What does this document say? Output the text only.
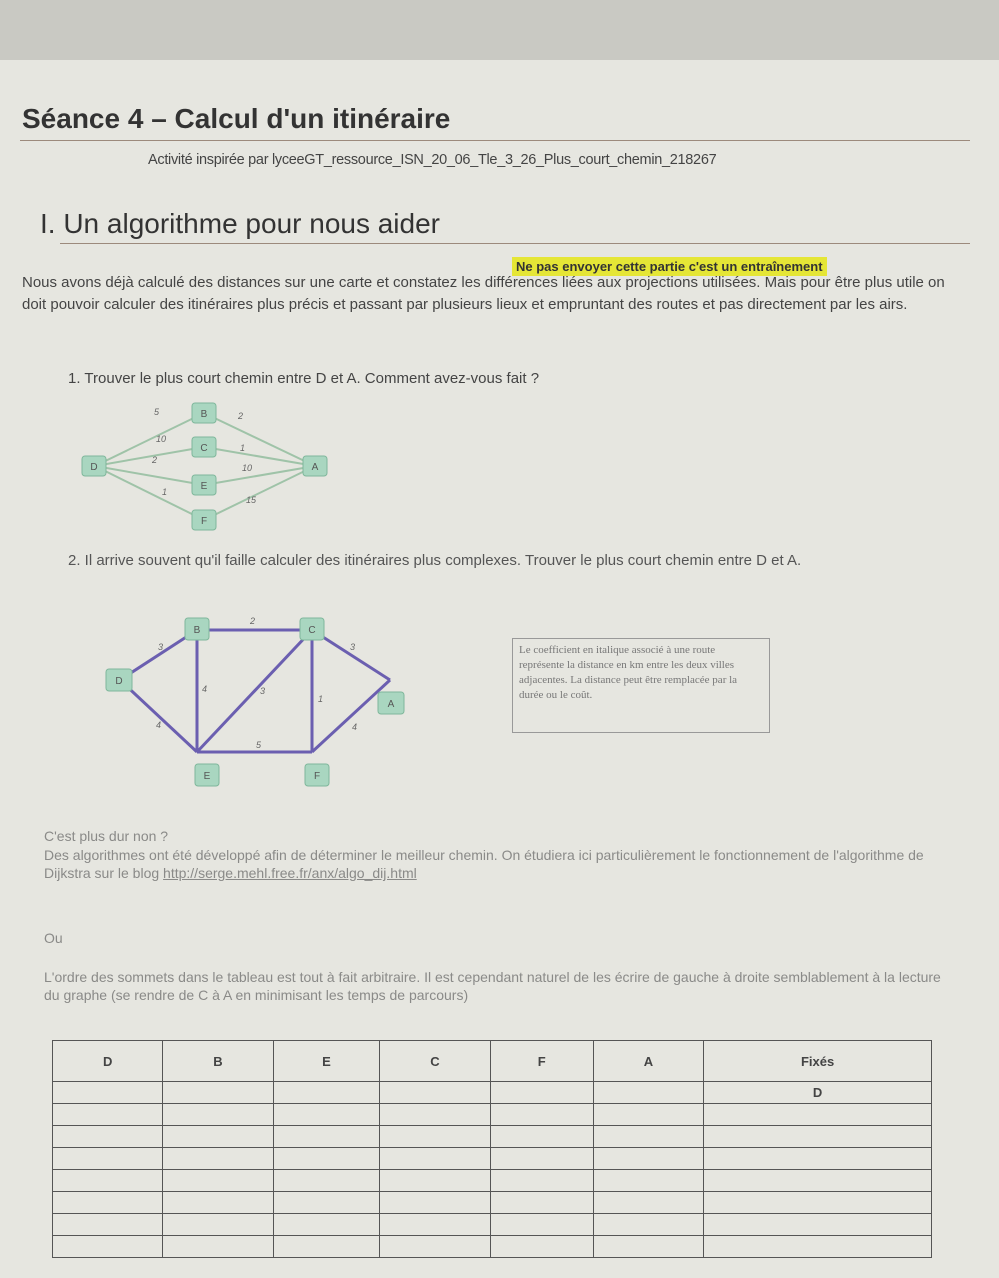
Séance 4 – Calcul d'un itinéraire
Activité inspirée par lyceeGT_ressource_ISN_20_06_Tle_3_26_Plus_court_chemin_218267
I. Un algorithme pour nous aider
Ne pas envoyer cette partie c'est un entraînement
Nous avons déjà calculé des distances sur une carte et constatez les différences liées aux projections utilisées. Mais pour être plus utile on doit pouvoir calculer des itinéraires plus précis et passant par plusieurs lieux et empruntant des routes et pas directement par les airs.
1. Trouver le plus court chemin entre D et A. Comment avez-vous fait ?
B
C
D
E
A
F
5	2
10
1
2
10
1
15
2. Il arrive souvent qu'il faille calculer des itinéraires plus complexes. Trouver le plus court chemin entre D et A.
B	C
D
A
E	F
2
3	3
4	3
1
4
5
4
Le coefficient en italique associé à une route représente la distance en km entre les deux villes adjacentes. La distance peut être remplacée par la durée ou le coût.
C'est plus dur non ?
Des algorithmes ont été développé afin de déterminer le meilleur chemin. On étudiera ici particulièrement le fonctionnement de l'algorithme de Dijkstra sur le blog http://serge.mehl.free.fr/anx/algo_dij.html
Ou
L'ordre des sommets dans le tableau est tout à fait arbitraire. Il est cependant naturel de les écrire de gauche à droite semblablement à la lecture du graphe (se rendre de C à A en minimisant les temps de parcours)
D	B	E	C	F	A	Fixés
						D
